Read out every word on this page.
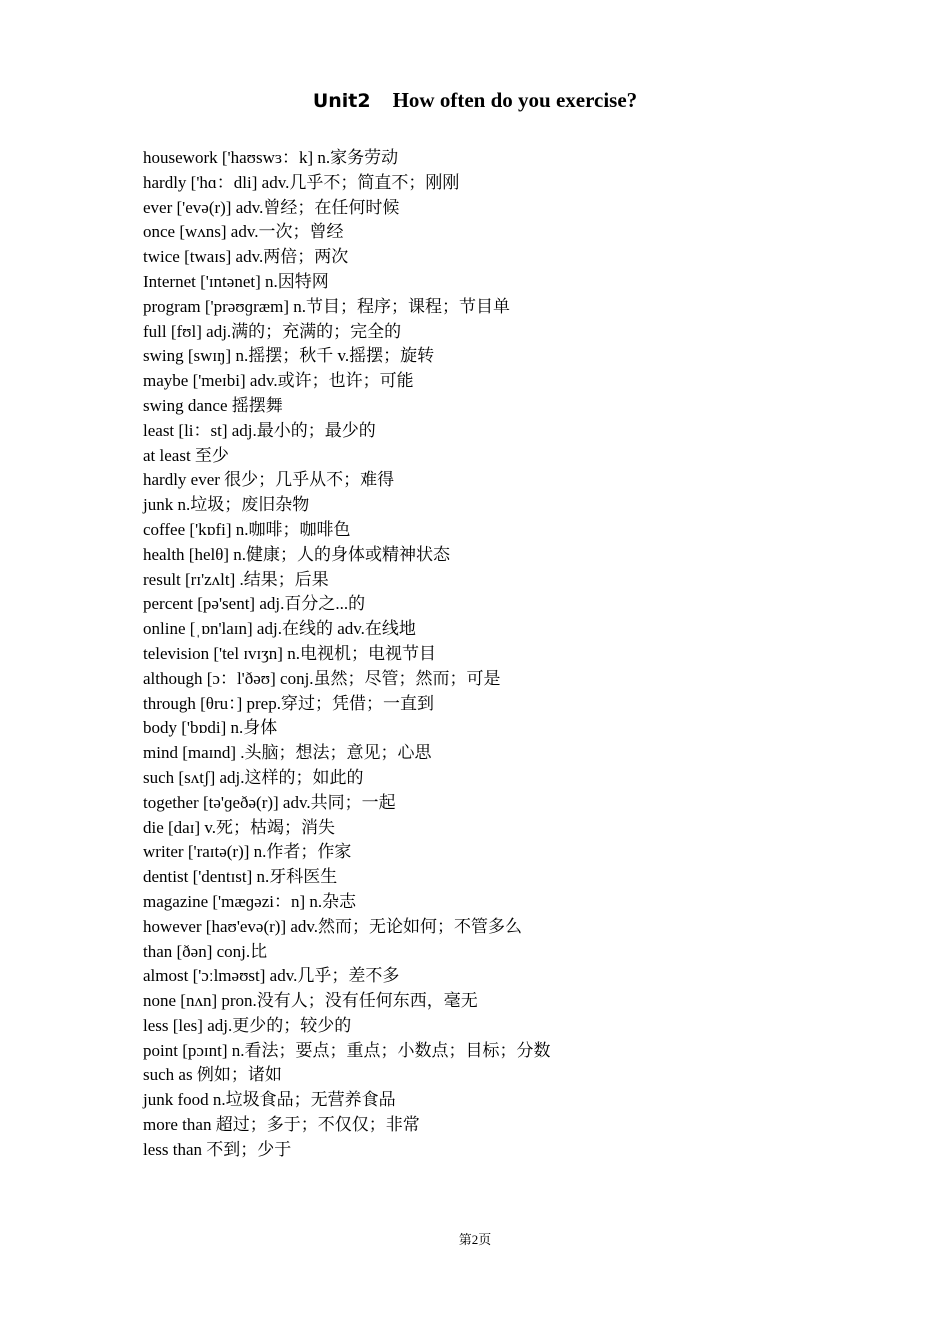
Unit2 How often do you exercise?
housework ['haʊswɜ：k] n.家务劳动
hardly ['hɑ：dli] adv.几乎不；简直不；刚刚
ever ['evə(r)] adv.曾经；在任何时候
once [wʌns] adv.一次；曾经
twice [twaɪs] adv.两倍；两次
Internet ['ɪntənet] n.因特网
program ['prəʊɡræm] n.节目；程序；课程；节目单
full [fʊl] adj.满的；充满的；完全的
swing [swɪŋ] n.摇摆；秋千 v.摇摆；旋转
maybe ['meɪbi] adv.或许；也许；可能
swing dance 摇摆舞
least [li：st] adj.最小的；最少的
at least 至少
hardly ever 很少；几乎从不；难得
junk n.垃圾；废旧杂物
coffee ['kɒfi] n.咖啡；咖啡色
health [helθ] n.健康；人的身体或精神状态
result [rɪ'zʌlt] .结果；后果
percent [pə'sent] adj.百分之...的
online [ˌɒn'laɪn] adj.在线的 adv.在线地
television ['tel ɪvɪʒn] n.电视机；电视节目
although [ɔ：l'ðəʊ] conj.虽然；尽管；然而；可是
through [θru：] prep.穿过；凭借；一直到
body ['bɒdi] n.身体
mind [maɪnd] .头脑；想法；意见；心思
such [sʌtʃ] adj.这样的；如此的
together [tə'ɡeðə(r)] adv.共同；一起
die [daɪ] v.死；枯竭；消失
writer ['raɪtə(r)] n.作者；作家
dentist ['dentɪst] n.牙科医生
magazine ['mæɡəzi：n] n.杂志
however [haʊ'evə(r)] adv.然而；无论如何；不管多么
than [ðən] conj.比
almost ['ɔːlməʊst] adv.几乎；差不多
none [nʌn] pron.没有人；没有任何东西，毫无
less [les] adj.更少的；较少的
point [pɔɪnt] n.看法；要点；重点；小数点；目标；分数
such as 例如；诸如
junk food n.垃圾食品；无营养食品
more than 超过；多于；不仅仅；非常
less than 不到；少于
第2页
